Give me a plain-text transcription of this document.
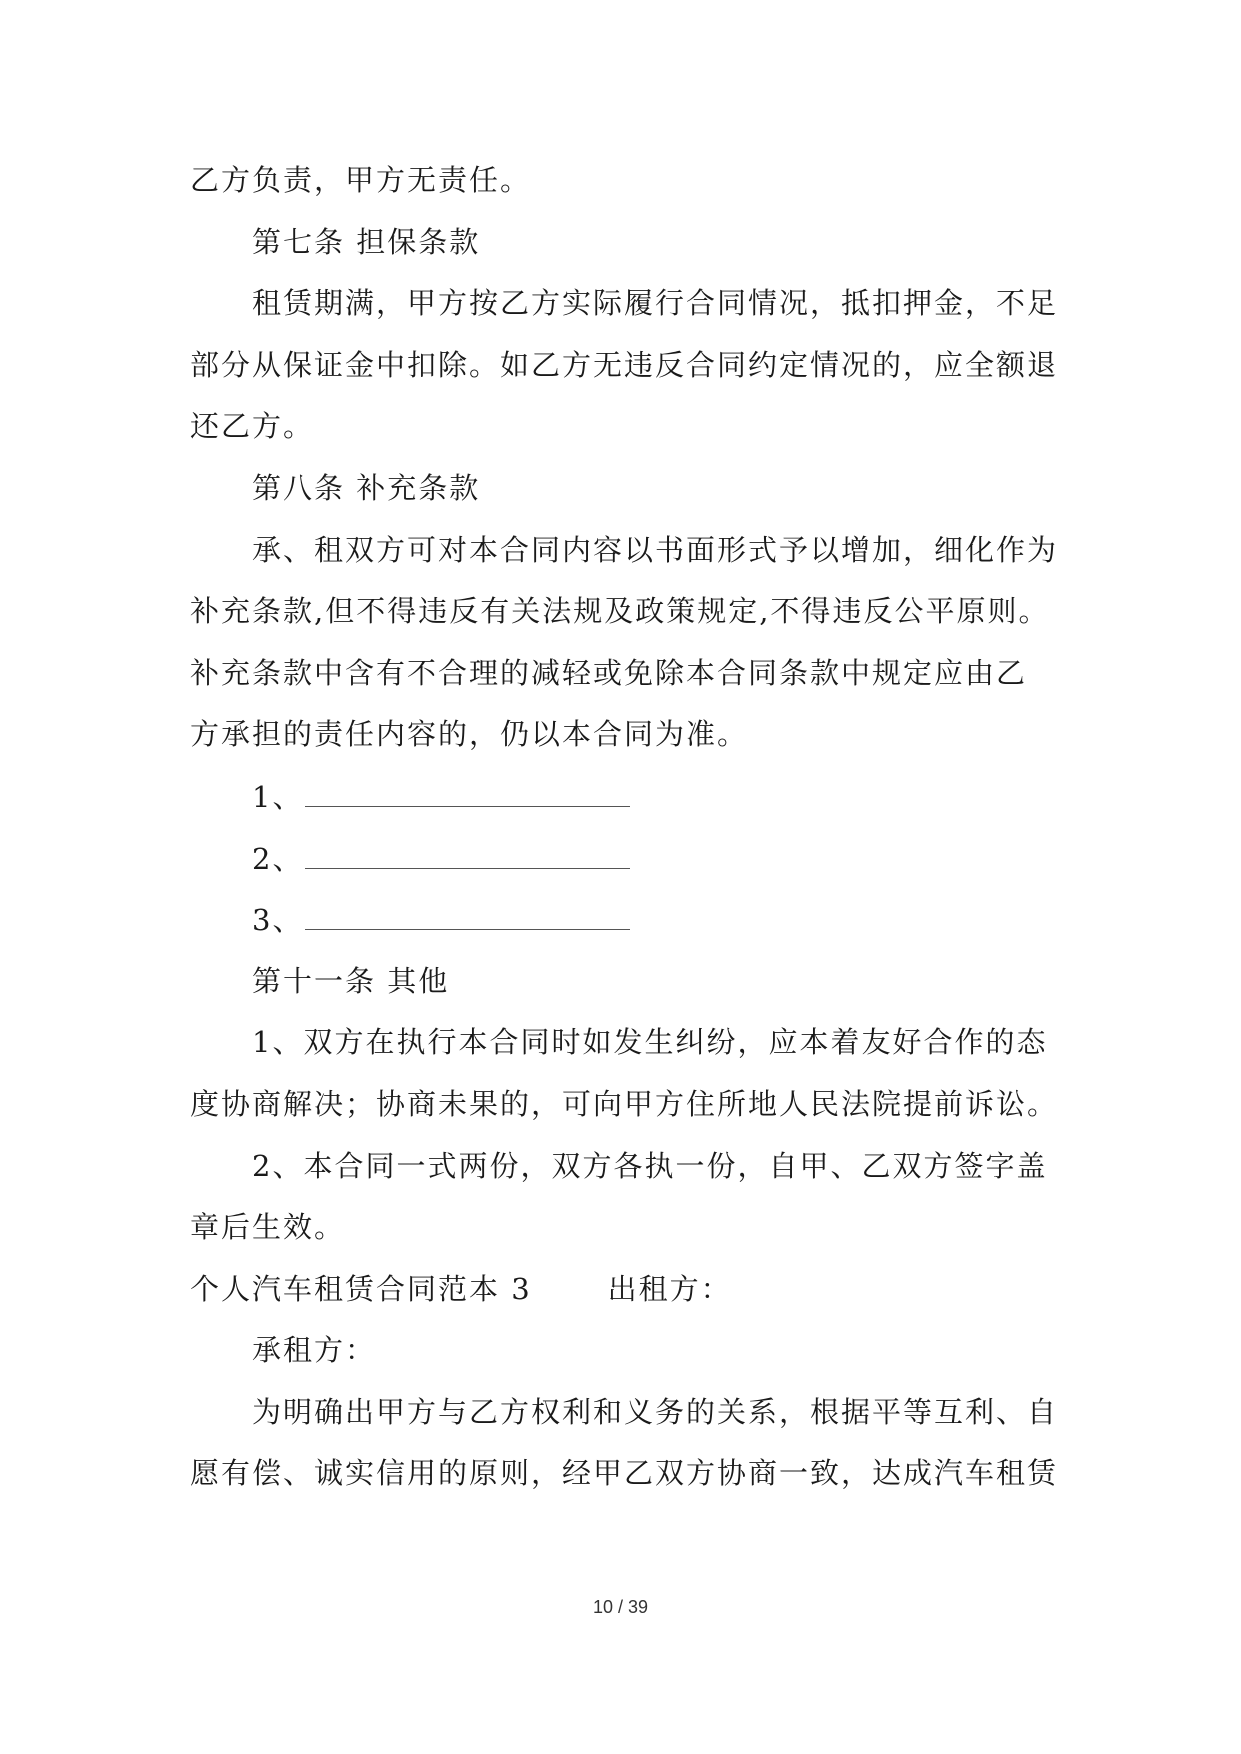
乙方负责，甲方无责任。
第七条 担保条款
租赁期满，甲方按乙方实际履行合同情况，抵扣押金，不足
部分从保证金中扣除。如乙方无违反合同约定情况的，应全额退
还乙方。
第八条 补充条款
承、租双方可对本合同内容以书面形式予以增加，细化作为
补充条款,但不得违反有关法规及政策规定,不得违反公平原则。
补充条款中含有不合理的减轻或免除本合同条款中规定应由乙
方承担的责任内容的，仍以本合同为准。
1、
2、
3、
第十一条 其他
1、双方在执行本合同时如发生纠纷，应本着友好合作的态
度协商解决；协商未果的，可向甲方住所地人民法院提前诉讼。
2、本合同一式两份，双方各执一份，自甲、乙双方签字盖
章后生效。
个人汽车租赁合同范本 3	出租方：
承租方：
为明确出甲方与乙方权利和义务的关系，根据平等互利、自
愿有偿、诚实信用的原则，经甲乙双方协商一致，达成汽车租赁
10 / 39
